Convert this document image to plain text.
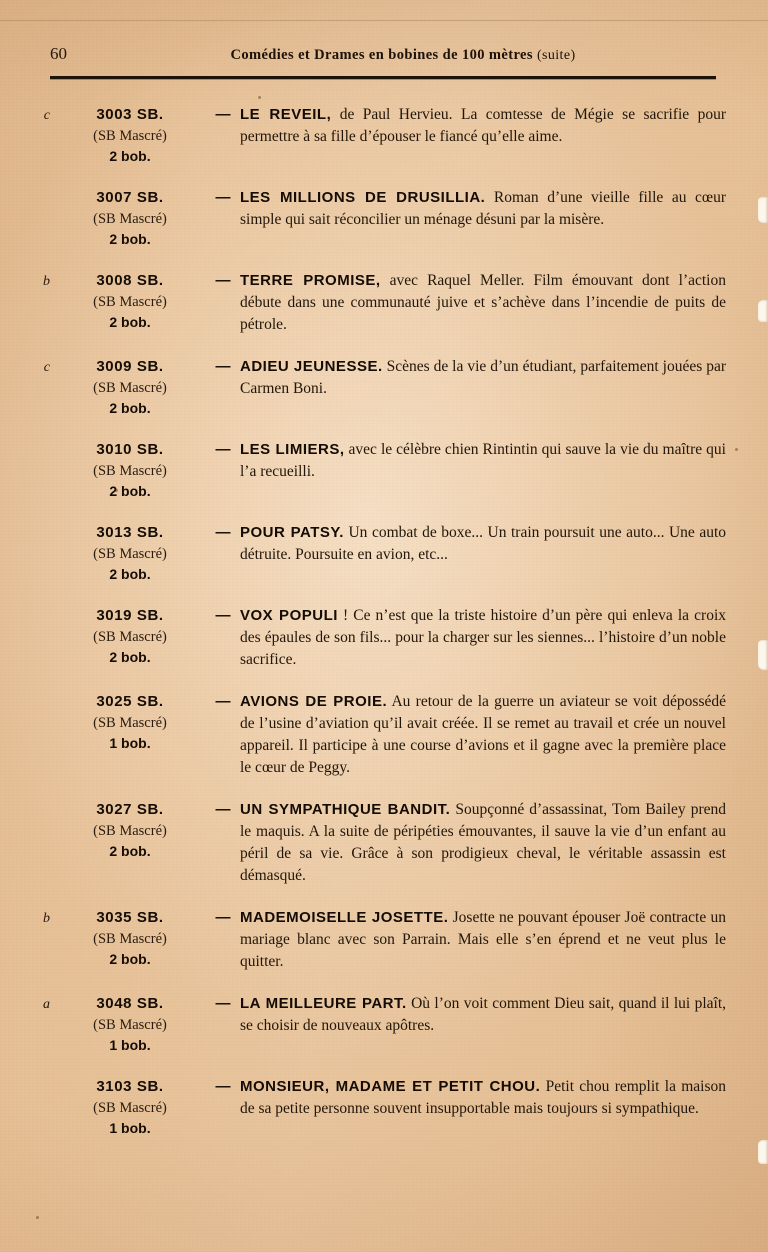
60	Comédies et Drames en bobines de 100 mètres (suite)
c	3003 SB.
(SB Mascré)
2 bob.
— LE REVEIL, de Paul Hervieu. La comtesse de Mégie se sacrifie pour permettre à sa fille d’épouser le fiancé qu’elle aime.
3007 SB.
(SB Mascré)
2 bob.
— LES MILLIONS DE DRUSILLIA. Roman d’une vieille fille au cœur simple qui sait réconcilier un ménage désuni par la misère.
b	3008 SB.
(SB Mascré)
2 bob.
— TERRE PROMISE, avec Raquel Meller. Film émouvant dont l’action débute dans une communauté juive et s’achève dans l’incendie de puits de pétrole.
c	3009 SB.
(SB Mascré)
2 bob.
— ADIEU JEUNESSE. Scènes de la vie d’un étudiant, parfaitement jouées par Carmen Boni.
3010 SB.
(SB Mascré)
2 bob.
— LES LIMIERS, avec le célèbre chien Rintintin qui sauve la vie du maître qui l’a recueilli.
3013 SB.
(SB Mascré)
2 bob.
— POUR PATSY. Un combat de boxe... Un train poursuit une auto... Une auto détruite. Poursuite en avion, etc...
3019 SB.
(SB Mascré)
2 bob.
— VOX POPULI ! Ce n’est que la triste histoire d’un père qui enleva la croix des épaules de son fils... pour la charger sur les siennes... l’histoire d’un noble sacrifice.
3025 SB.
(SB Mascré)
1 bob.
— AVIONS DE PROIE. Au retour de la guerre un aviateur se voit dépossédé de l’usine d’aviation qu’il avait créée. Il se remet au travail et crée un nouvel appareil. Il participe à une course d’avions et il gagne avec la première place le cœur de Peggy.
3027 SB.
(SB Mascré)
2 bob.
— UN SYMPATHIQUE BANDIT. Soupçonné d’assassinat, Tom Bailey prend le maquis. A la suite de péripéties émouvantes, il sauve la vie d’un enfant au péril de sa vie. Grâce à son prodigieux cheval, le véritable assassin est démasqué.
b	3035 SB.
(SB Mascré)
2 bob.
— MADEMOISELLE JOSETTE. Josette ne pouvant épouser Joë contracte un mariage blanc avec son Parrain. Mais elle s’en éprend et ne veut plus le quitter.
a	3048 SB.
(SB Mascré)
1 bob.
— LA MEILLEURE PART. Où l’on voit comment Dieu sait, quand il lui plaît, se choisir de nouveaux apôtres.
3103 SB.
(SB Mascré)
1 bob.
— MONSIEUR, MADAME ET PETIT CHOU. Petit chou remplit la maison de sa petite personne souvent insupportable mais toujours si sympathique.
